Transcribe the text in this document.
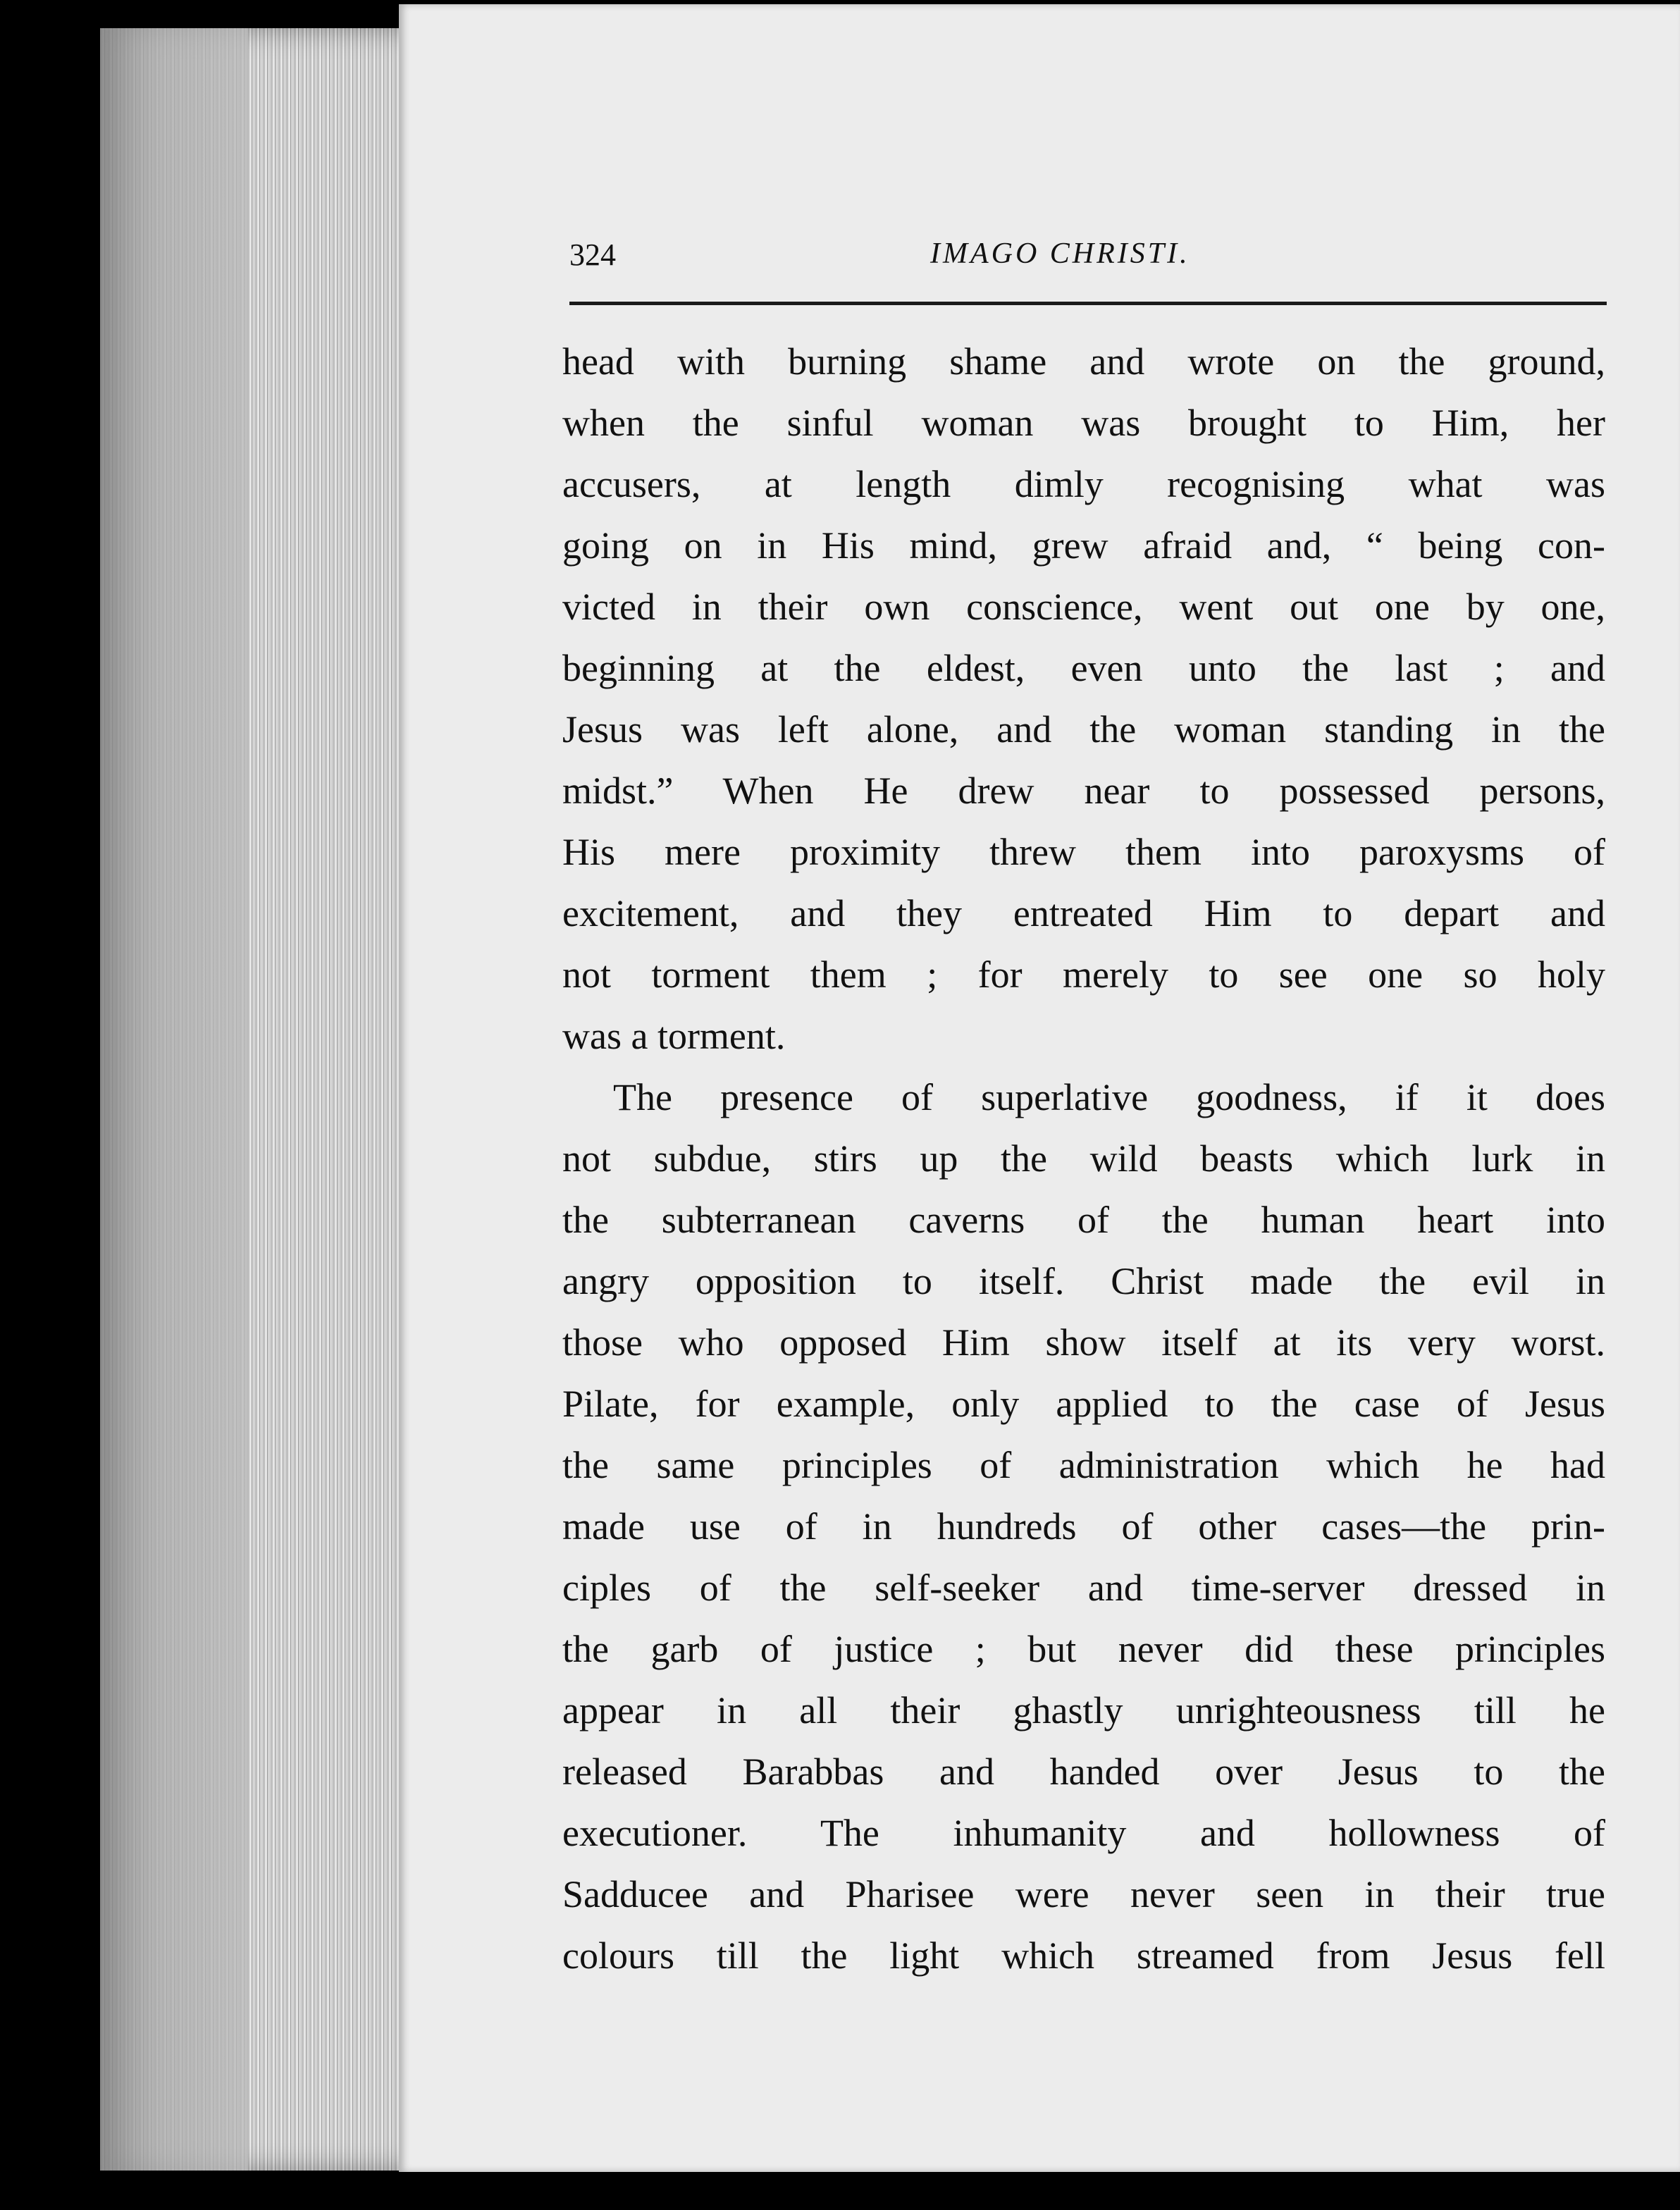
324	IMAGO CHRISTI.
head with burning shame and wrote on the ground,
when the sinful woman was brought to Him, her
accusers, at length dimly recognising what was
going on in His mind, grew afraid and, “ being con-
victed in their own conscience, went out one by one,
beginning at the eldest, even unto the last ; and
Jesus was left alone, and the woman standing in the
midst.” When He drew near to possessed persons,
His mere proximity threw them into paroxysms of
excitement, and they entreated Him to depart and
not torment them ; for merely to see one so holy
was a torment.
The presence of superlative goodness, if it does
not subdue, stirs up the wild beasts which lurk in
the subterranean caverns of the human heart into
angry opposition to itself. Christ made the evil in
those who opposed Him show itself at its very worst.
Pilate, for example, only applied to the case of Jesus
the same principles of administration which he had
made use of in hundreds of other cases—the prin-
ciples of the self-seeker and time-server dressed in
the garb of justice ; but never did these principles
appear in all their ghastly unrighteousness till he
released Barabbas and handed over Jesus to the
executioner. The inhumanity and hollowness of
Sadducee and Pharisee were never seen in their true
colours till the light which streamed from Jesus fell
